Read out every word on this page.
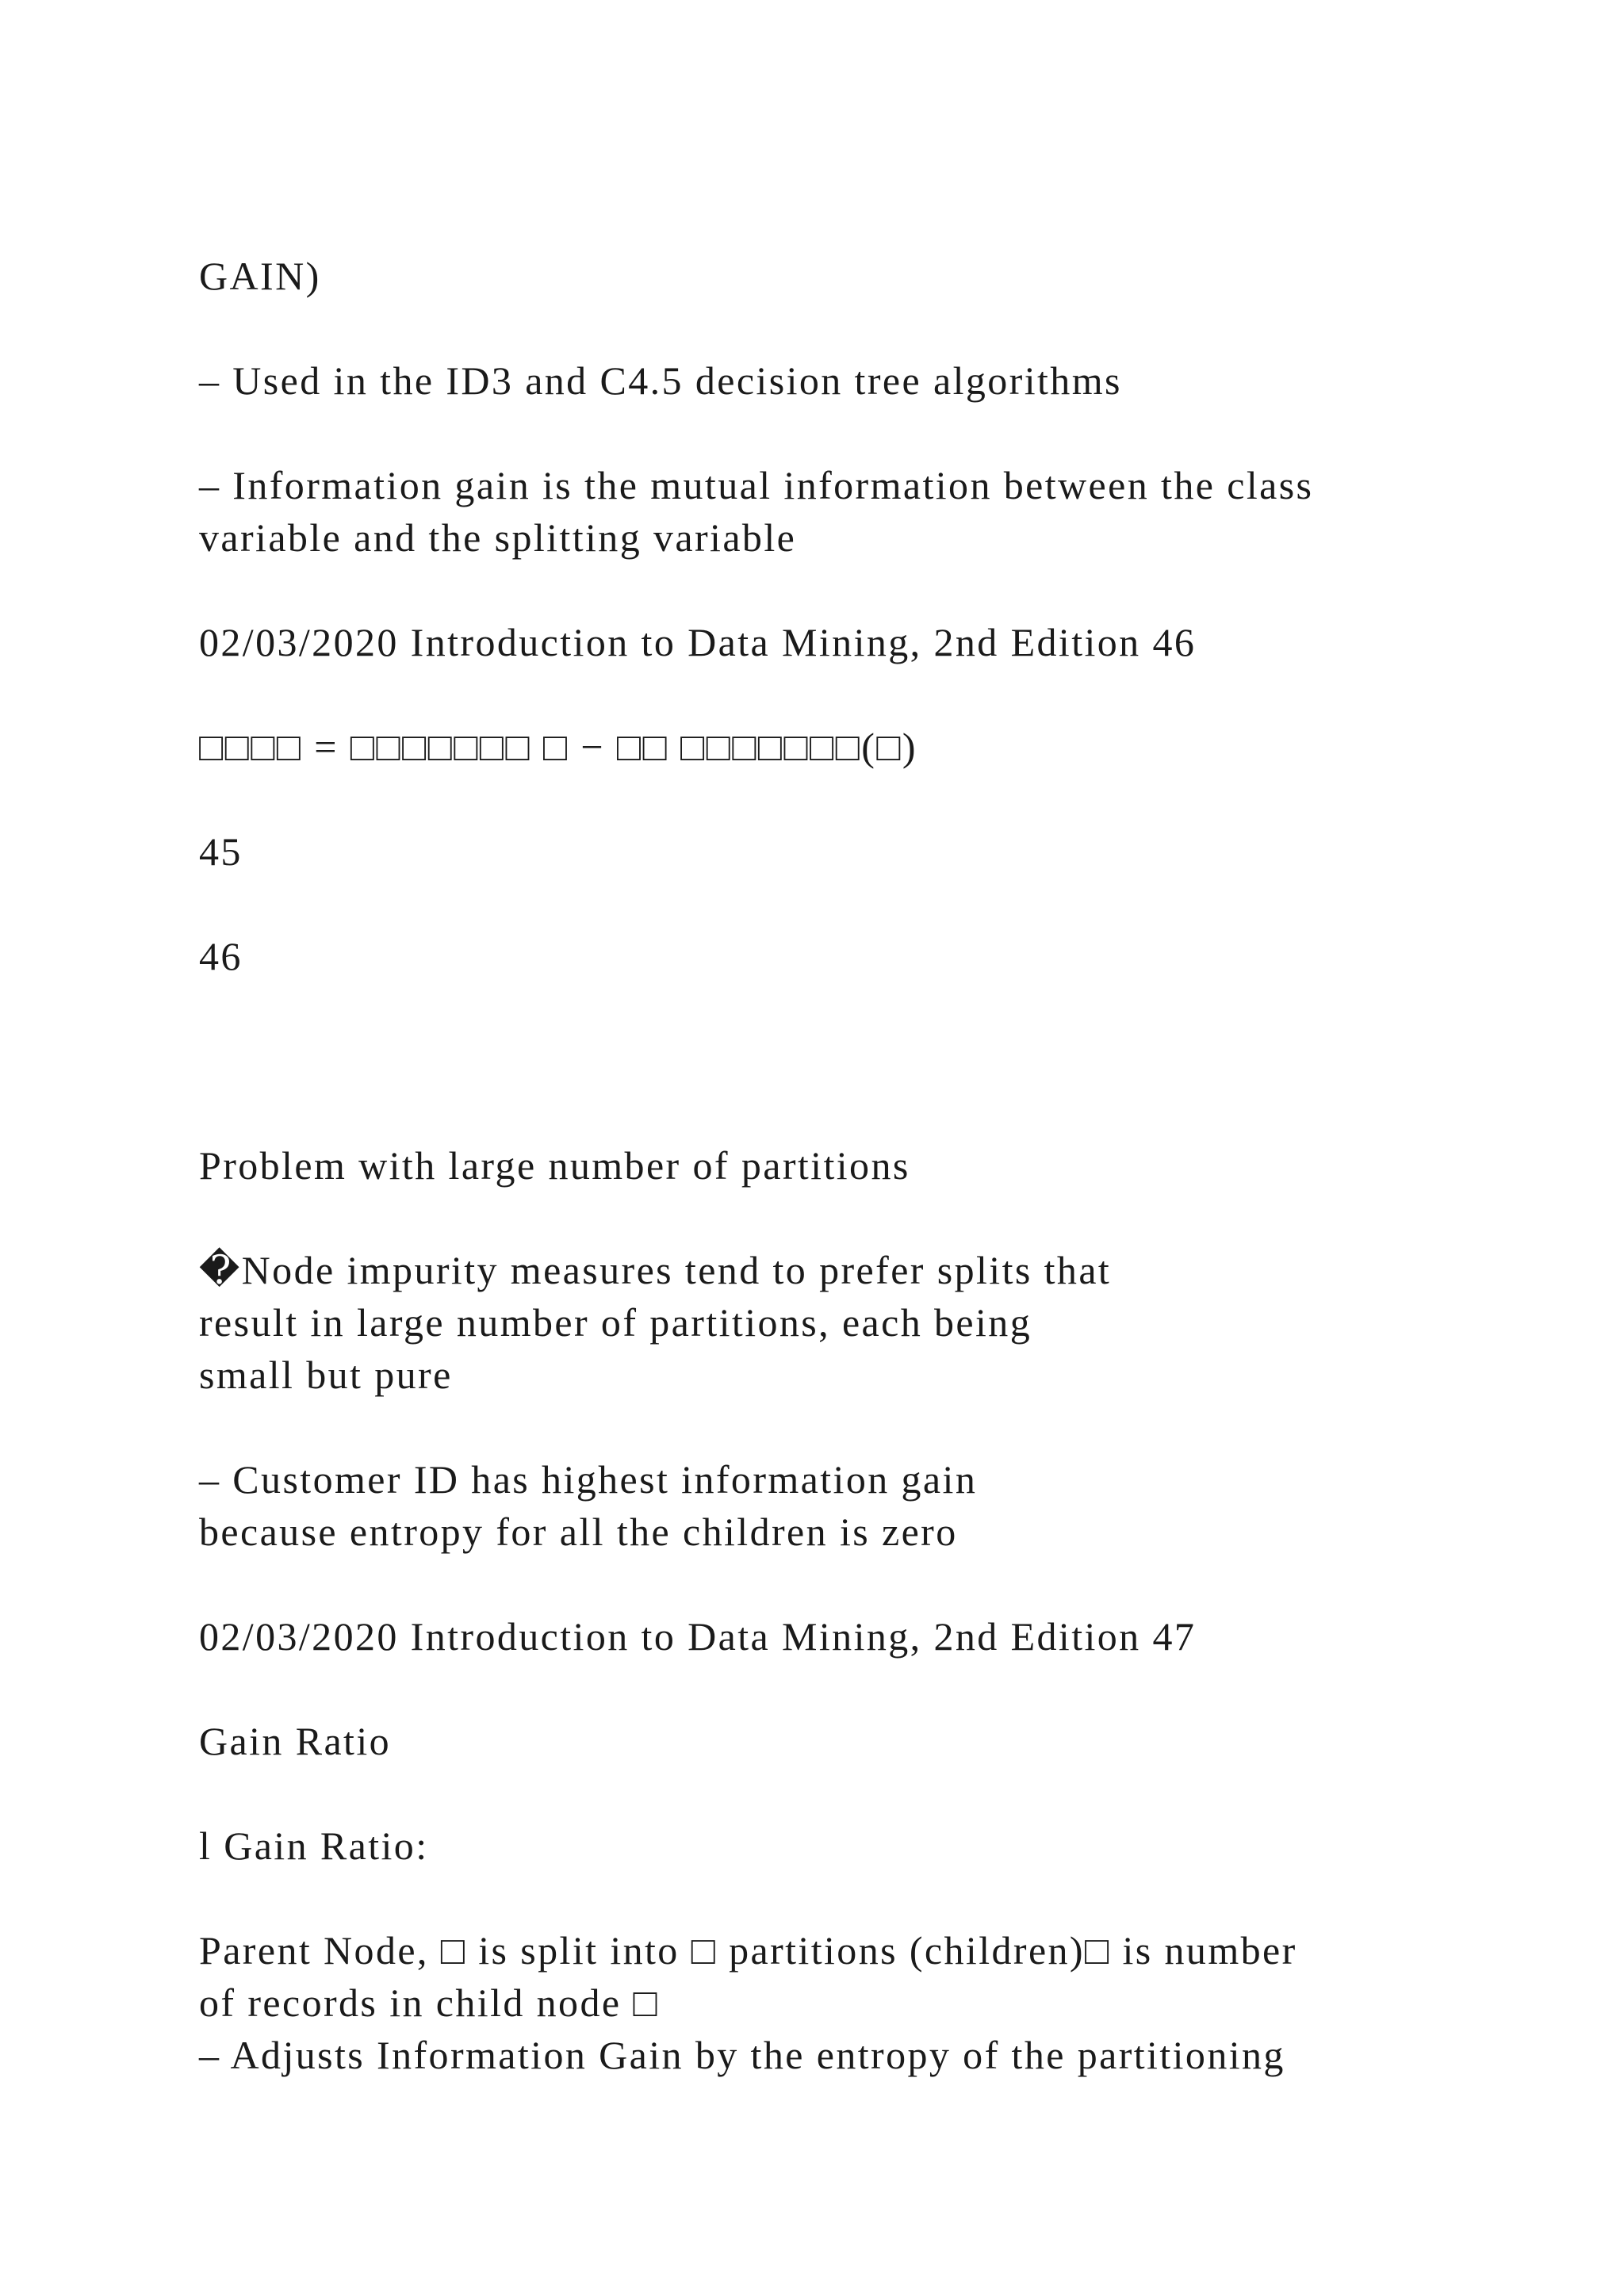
GAIN)
– Used in the ID3 and C4.5 decision tree algorithms
– Information gain is the mutual information between the class
variable and the splitting variable
02/03/2020 Introduction to Data Mining, 2nd Edition 46
□□□□ = □□□□□□□ □ − □□ □□□□□□□(□)
45
46
Problem with large number of partitions
�Node impurity measures tend to prefer splits that
result in large number of partitions, each being
small but pure
– Customer ID has highest information gain
because entropy for all the children is zero
02/03/2020 Introduction to Data Mining, 2nd Edition 47
Gain Ratio
l Gain Ratio:
Parent Node, □ is split into □ partitions (children)□ is number
of records in child node □
– Adjusts Information Gain by the entropy of the partitioning
